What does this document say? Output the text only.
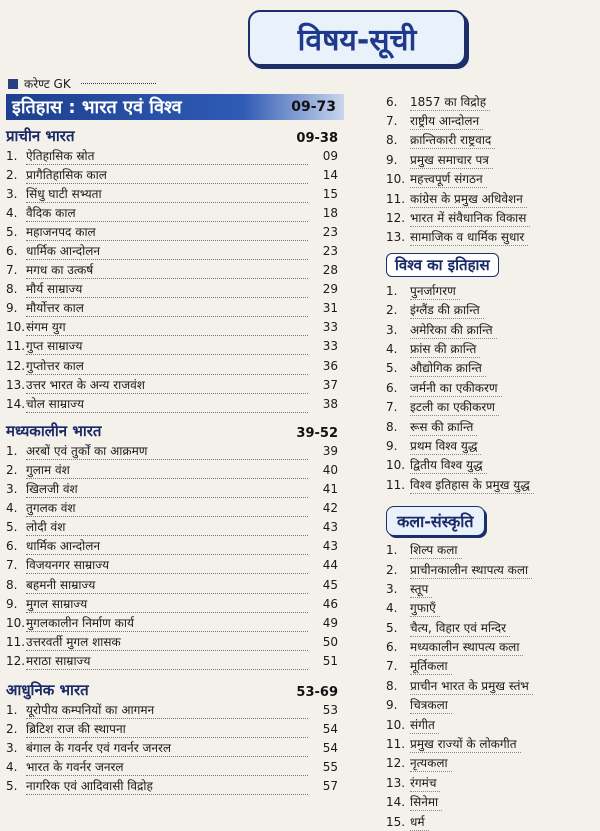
विषय-सूची
करेण्ट GK
इतिहास : भारत एवं विश्व	09-73
प्राचीन भारत	09-38
1. ऐतिहासिक स्रोत	09
2. प्रागैतिहासिक काल	14
3. सिंधु घाटी सभ्यता	15
4. वैदिक काल	18
5. महाजनपद काल	23
6. धार्मिक आन्दोलन	23
7. मगध का उत्कर्ष	28
8. मौर्य साम्राज्य	29
9. मौर्योत्तर काल	31
10. संगम युग	33
11. गुप्त साम्राज्य	33
12. गुप्तोत्तर काल	36
13. उत्तर भारत के अन्य राजवंश	37
14. चोल साम्राज्य	38
मध्यकालीन भारत	39-52
1. अरबों एवं तुर्कों का आक्रमण	39
2. गुलाम वंश	40
3. खिलजी वंश	41
4. तुगलक वंश	42
5. लोदी वंश	43
6. धार्मिक आन्दोलन	43
7. विजयनगर साम्राज्य	44
8. बहमनी साम्राज्य	45
9. मुगल साम्राज्य	46
10. मुगलकालीन निर्माण कार्य	49
11. उत्तरवर्ती मुगल शासक	50
12. मराठा साम्राज्य	51
आधुनिक भारत	53-69
1. यूरोपीय कम्पनियों का आगमन	53
2. ब्रिटिश राज की स्थापना	54
3. बंगाल के गवर्नर एवं गवर्नर जनरल	54
4. भारत के गवर्नर जनरल	55
5. नागरिक एवं आदिवासी विद्रोह	57
6.	1857 का विद्रोह
7.	राष्ट्रीय आन्दोलन
8.	क्रान्तिकारी राष्ट्रवाद
9.	प्रमुख समाचार पत्र
10. महत्त्वपूर्ण संगठन
11. कांग्रेस के प्रमुख अधिवेशन
12. भारत में संवैधानिक विकास
13. सामाजिक व धार्मिक सुधार
विश्व का इतिहास
1.	पुनर्जागरण
2.	इंग्लैंड की क्रान्ति
3.	अमेरिका की क्रान्ति
4.	फ्रांस की क्रान्ति
5.	औद्योगिक क्रान्ति
6.	जर्मनी का एकीकरण
7.	इटली का एकीकरण
8.	रूस की क्रान्ति
9.	प्रथम विश्व युद्ध
10. द्वितीय विश्व युद्ध
11. विश्व इतिहास के प्रमुख युद्ध
कला-संस्कृति
1.	शिल्प कला
2.	प्राचीनकालीन स्थापत्य कला
3.	स्तूप
4.	गुफाएँ
5.	चैत्य, विहार एवं मन्दिर
6.	मध्यकालीन स्थापत्य कला
7.	मूर्तिकला
8.	प्राचीन भारत के प्रमुख स्तंभ
9.	चित्रकला
10. संगीत
11. प्रमुख राज्यों के लोकगीत
12. नृत्यकला
13. रंगमंच
14. सिनेमा
15. धर्म
